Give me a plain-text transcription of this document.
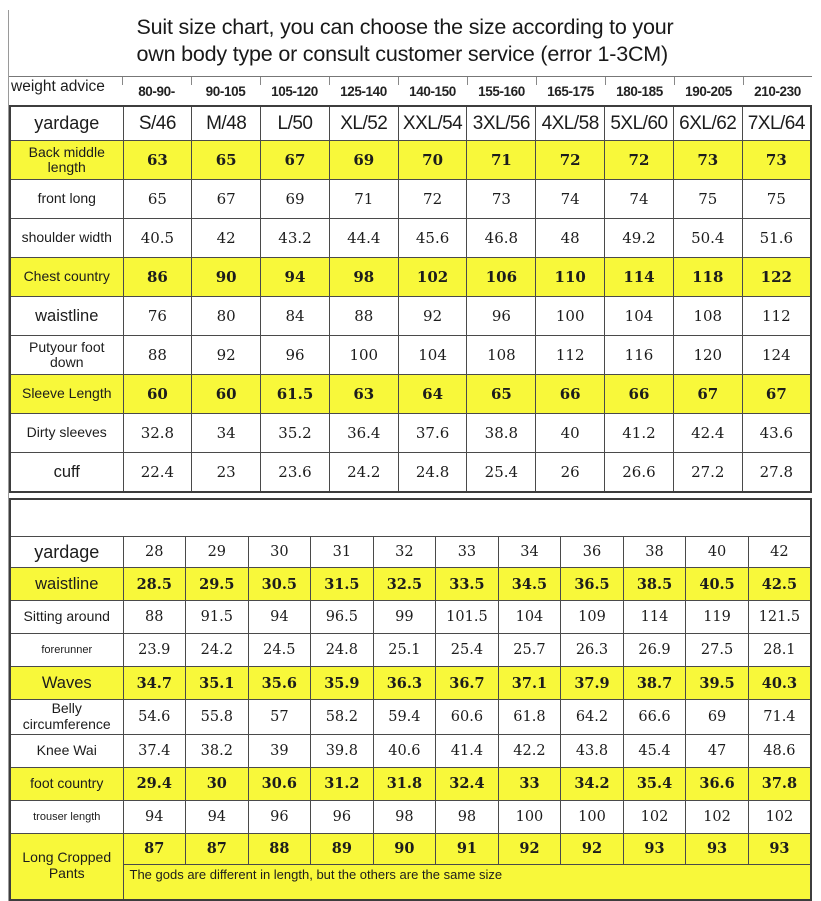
Suit size chart, you can choose the size according to your own body type or consult customer service (error 1-3CM)
weight advice	80-90-	90-105	105-120	125-140	140-150	155-160	165-175	180-185	190-205	210-230
yardage	S/46	M/48	L/50	XL/52	XXL/54	3XL/56	4XL/58	5XL/60	6XL/62	7XL/64
Back middle length	63	65	67	69	70	71	72	72	73	73
front long	65	67	69	71	72	73	74	74	75	75
shoulder width	40.5	42	43.2	44.4	45.6	46.8	48	49.2	50.4	51.6
Chest country	86	90	94	98	102	106	110	114	118	122
waistline	76	80	84	88	92	96	100	104	108	112
Putyour foot down	88	92	96	100	104	108	112	116	120	124
Sleeve Length	60	60	61.5	63	64	65	66	66	67	67
Dirty sleeves	32.8	34	35.2	36.4	37.6	38.8	40	41.2	42.4	43.6
cuff	22.4	23	23.6	24.2	24.8	25.4	26	26.6	27.2	27.8

yardage	28	29	30	31	32	33	34	36	38	40	42
waistline	28.5	29.5	30.5	31.5	32.5	33.5	34.5	36.5	38.5	40.5	42.5
Sitting around	88	91.5	94	96.5	99	101.5	104	109	114	119	121.5
forerunner	23.9	24.2	24.5	24.8	25.1	25.4	25.7	26.3	26.9	27.5	28.1
Waves	34.7	35.1	35.6	35.9	36.3	36.7	37.1	37.9	38.7	39.5	40.3
Belly circumference	54.6	55.8	57	58.2	59.4	60.6	61.8	64.2	66.6	69	71.4
Knee Wai	37.4	38.2	39	39.8	40.6	41.4	42.2	43.8	45.4	47	48.6
foot country	29.4	30	30.6	31.2	31.8	32.4	33	34.2	35.4	36.6	37.8
trouser length	94	94	96	96	98	98	100	100	102	102	102
Long Cropped Pants	87	87	88	89	90	91	92	92	93	93	93
	The gods are different in length, but the others are the same size										
